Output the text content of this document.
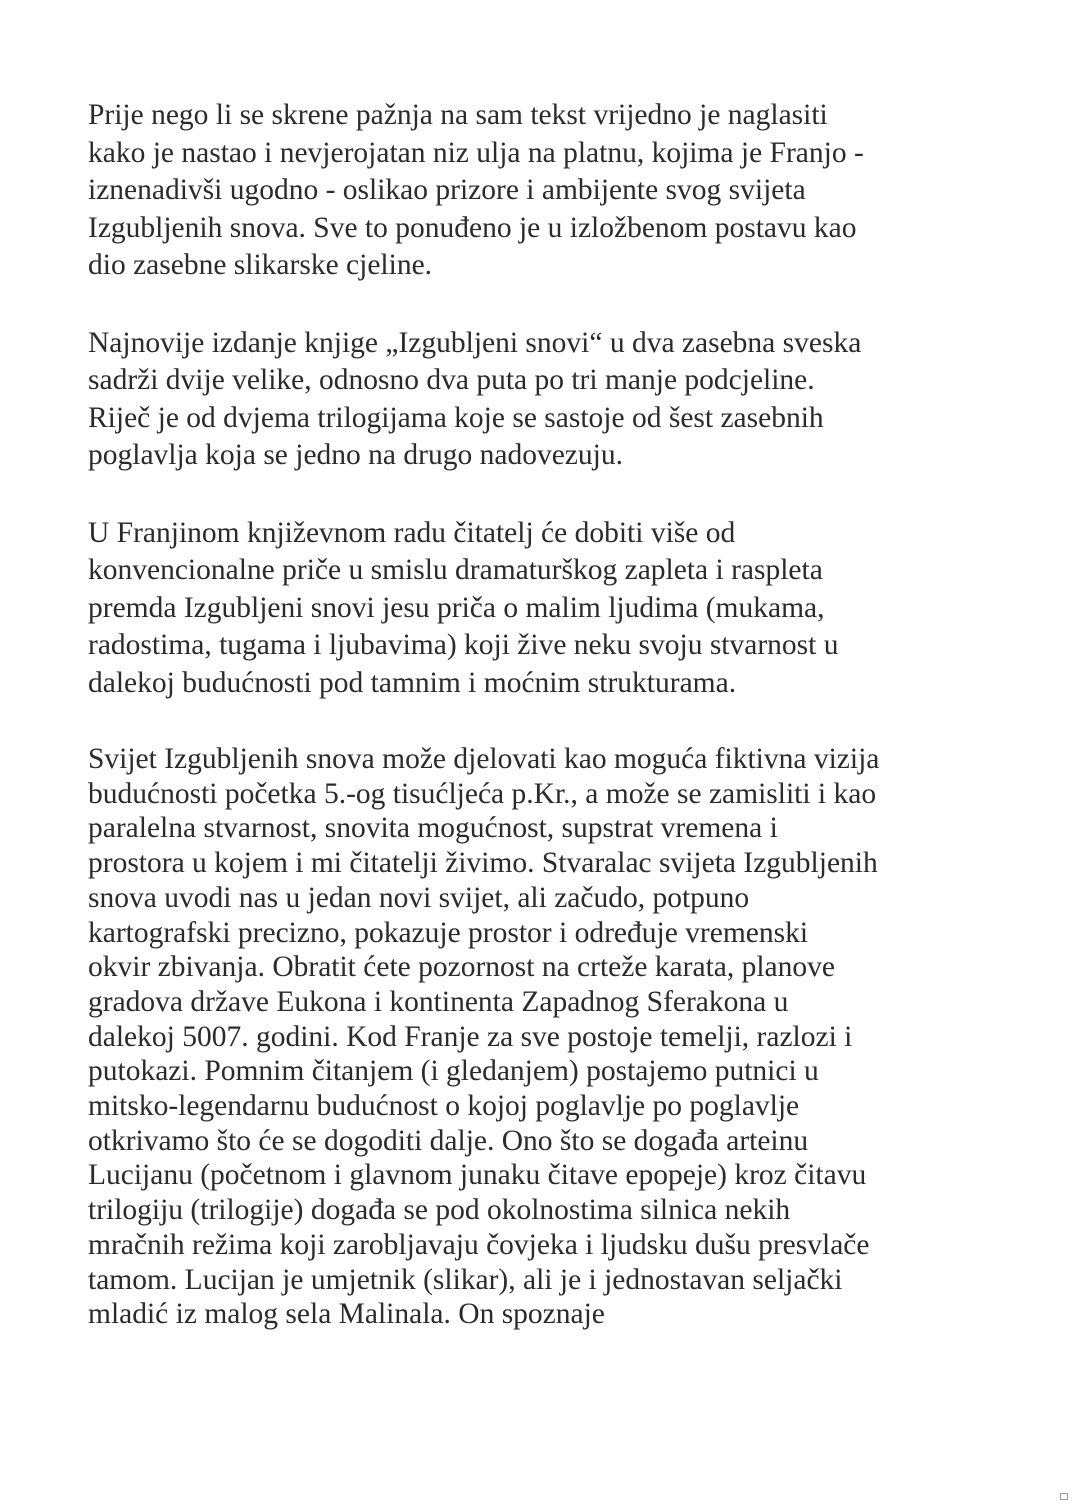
Prije nego li se skrene pažnja na sam tekst vrijedno je naglasiti
kako je nastao i nevjerojatan niz ulja na platnu, kojima je Franjo -
iznenadivši ugodno - oslikao prizore i ambijente svog svijeta
Izgubljenih snova. Sve to ponuđeno je u izložbenom postavu kao
dio zasebne slikarske cjeline.

Najnovije izdanje knjige „Izgubljeni snovi“ u dva zasebna sveska
sadrži dvije velike, odnosno dva puta po tri manje podcjeline.
Riječ je od dvjema trilogijama koje se sastoje od šest zasebnih
poglavlja koja se jedno na drugo nadovezuju.

U Franjinom književnom radu čitatelj će dobiti više od
konvencionalne priče u smislu dramaturškog zapleta i raspleta
premda Izgubljeni snovi jesu priča o malim ljudima (mukama,
radostima, tugama i ljubavima) koji žive neku svoju stvarnost u
dalekoj budućnosti pod tamnim i moćnim strukturama.

Svijet Izgubljenih snova može djelovati kao moguća fiktivna vizija
budućnosti početka 5.-og tisućljeća p.Kr., a može se zamisliti i kao
paralelna stvarnost, snovita mogućnost, supstrat vremena i
prostora u kojem i mi čitatelji živimo. Stvaralac svijeta Izgubljenih
snova uvodi nas u jedan novi svijet, ali začudo, potpuno
kartografski precizno, pokazuje prostor i određuje vremenski
okvir zbivanja. Obratit ćete pozornost na crteže karata, planove
gradova države Eukona i kontinenta Zapadnog Sferakona u
dalekoj 5007. godini. Kod Franje za sve postoje temelji, razlozi i
putokazi. Pomnim čitanjem (i gledanjem) postajemo putnici u
mitsko-legendarnu budućnost o kojoj poglavlje po poglavlje
otkrivamo što će se dogoditi dalje. Ono što se događa arteinu
Lucijanu (početnom i glavnom junaku čitave epopeje) kroz čitavu
trilogiju (trilogije) događa se pod okolnostima silnica nekih
mračnih režima koji zarobljavaju čovjeka i ljudsku dušu presvlače
tamom. Lucijan je umjetnik (slikar), ali je i jednostavan seljački
mladić iz malog sela Malinala. On spoznaje
